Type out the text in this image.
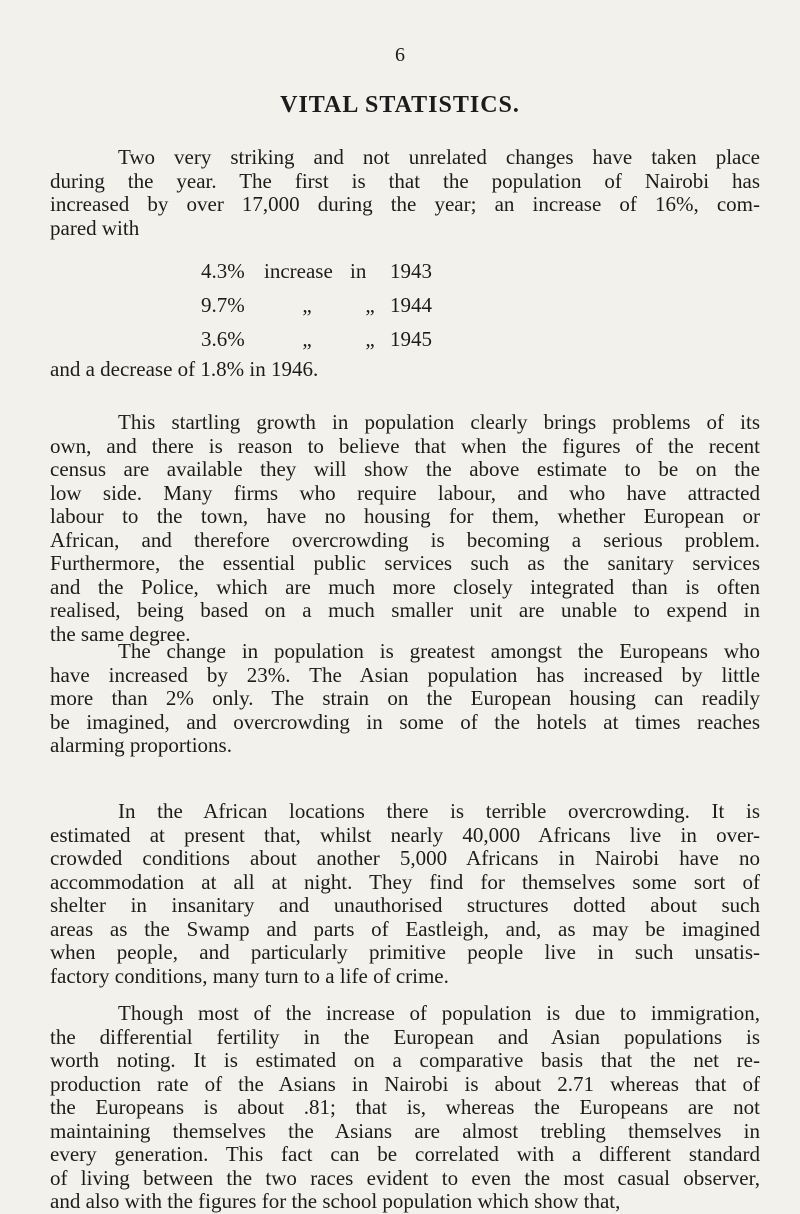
6
VITAL STATISTICS.
Two very striking and not unrelated changes have taken place
during the year. The first is that the population of Nairobi has
increased by over 17,000 during the year; an increase of 16%, com-
pared with
4.3% increase in	1943
9.7%	„	„ 1944
3.6%	„	„ 1945
and a decrease of 1.8% in 1946.
This startling growth in population clearly brings problems of its
own, and there is reason to believe that when the figures of the recent
census are available they will show the above estimate to be on the
low side. Many firms who require labour, and who have attracted
labour to the town, have no housing for them, whether European or
African, and therefore overcrowding is becoming a serious problem.
Furthermore, the essential public services such as the sanitary services
and the Police, which are much more closely integrated than is often
realised, being based on a much smaller unit are unable to expend in
the same degree.
The change in population is greatest amongst the Europeans who
have increased by 23%. The Asian population has increased by little
more than 2% only. The strain on the European housing can readily
be imagined, and overcrowding in some of the hotels at times reaches
alarming proportions.
In the African locations there is terrible overcrowding. It is
estimated at present that, whilst nearly 40,000 Africans live in over-
crowded conditions about another 5,000 Africans in Nairobi have no
accommodation at all at night. They find for themselves some sort of
shelter in insanitary and unauthorised structures dotted about such
areas as the Swamp and parts of Eastleigh, and, as may be imagined
when people, and particularly primitive people live in such unsatis-
factory conditions, many turn to a life of crime.
Though most of the increase of population is due to immigration,
the differential fertility in the European and Asian populations is
worth noting. It is estimated on a comparative basis that the net re-
production rate of the Asians in Nairobi is about 2.71 whereas that of
the Europeans is about .81; that is, whereas the Europeans are not
maintaining themselves the Asians are almost trebling themselves in
every generation. This fact can be correlated with a different standard
of living between the two races evident to even the most casual observer,
and also with the figures for the school population which show that,
